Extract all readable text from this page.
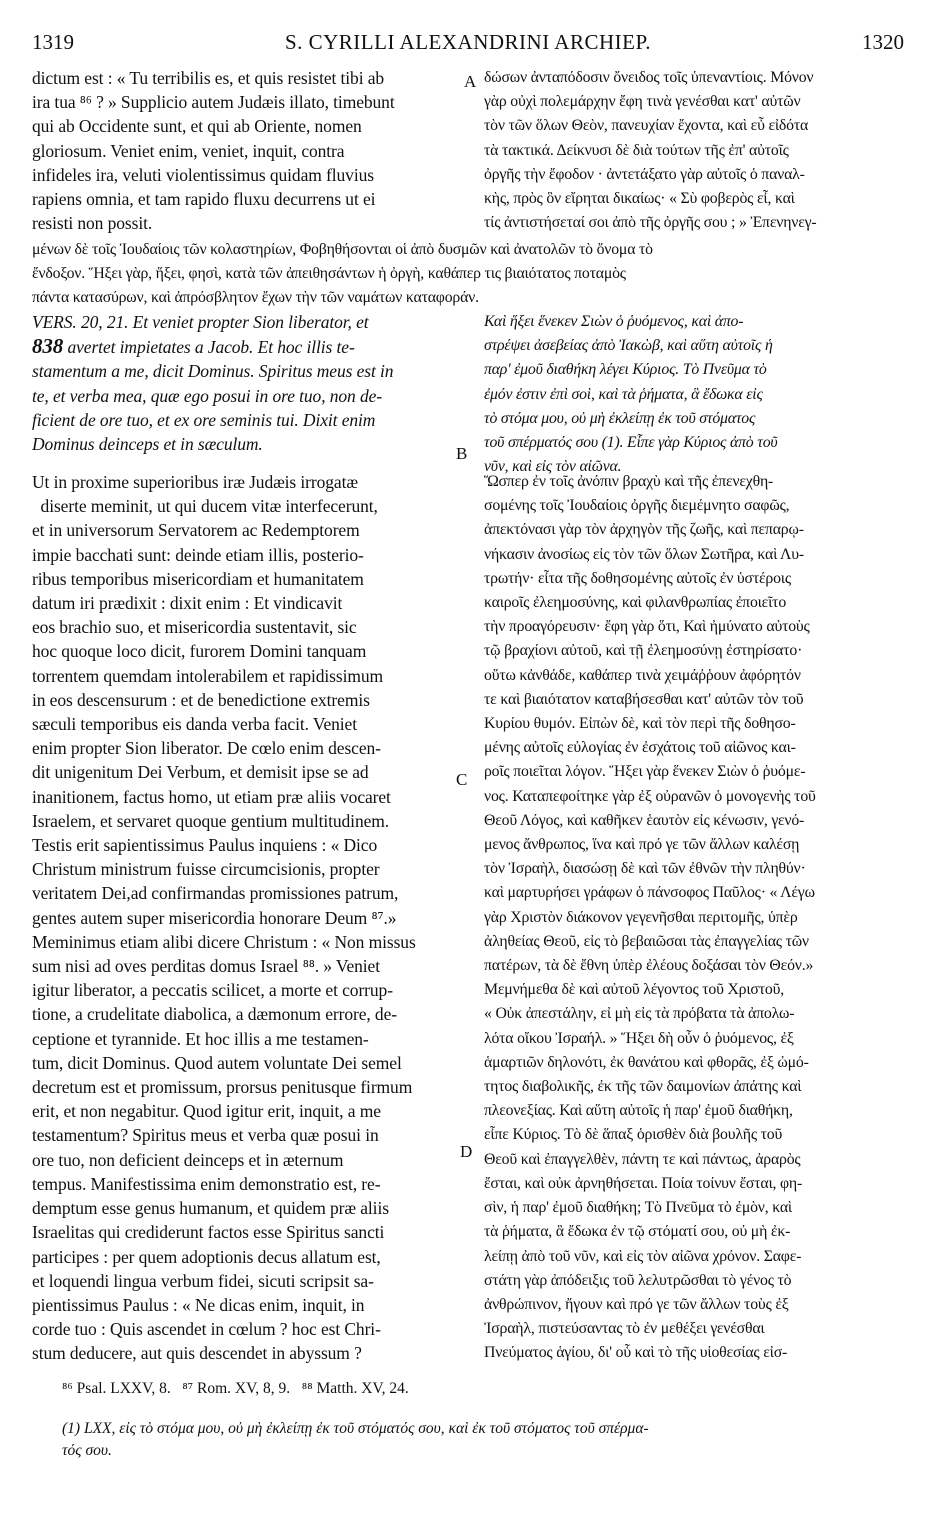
1319	S. CYRILLI ALEXANDRINI ARCHIEP.	1320
dictum est : « Tu terribilis es, et quis resistet tibi ab
ira tua ⁸⁶ ? » Supplicio autem Judæis illato, timebunt
qui ab Occidente sunt, et qui ab Oriente, nomen
gloriosum. Veniet enim, veniet, inquit, contra
infideles ira, veluti violentissimus quidam fluvius
rapiens omnia, et tam rapido fluxu decurrens ut ei
resisti non possit.
A δώσων ἀνταπόδοσιν ὄνειδος τοῖς ὑπεναντίοις. Μόνον
γὰρ οὐχὶ πολεμάρχην ἔφη τινὰ γενέσθαι κατ' αὐτῶν
τὸν τῶν ὅλων Θεὸν, πανευχίαν ἔχοντα, καὶ εὖ εἰδότα
τὰ τακτικά. Δείκνυσι δὲ διὰ τούτων τῆς ἐπ' αὐτοῖς
ὀργῆς τὴν ἔφοδον · ἀντετάξατο γὰρ αὐτοῖς ὁ παναλ-
κὴς, πρὸς ὃν εἴρηται δικαίως· « Σὺ φοβερὸς εἶ, καὶ
τίς ἀντιστήσεταί σοι ἀπὸ τῆς ὀργῆς σου ; » Ἐπενηνεγ-
μένων δὲ τοῖς Ἰουδαίοις τῶν κολαστηρίων, Φοβηθήσονται οἱ ἀπὸ δυσμῶν καὶ ἀνατολῶν τὸ ὄνομα τὸ
ἔνδοξον. Ἥξει γὰρ, ἥξει, φησὶ, κατὰ τῶν ἀπειθησάντων ἡ ὀργὴ, καθάπερ τις βιαιότατος ποταμὸς
πάντα κατασύρων, καὶ ἀπρόσβλητον ἔχων τὴν τῶν ναμάτων καταφοράν.
VERS. 20, 21. Et veniet propter Sion liberator, et
838 avertet impietates a Jacob. Et hoc illis te-
stamentum a me, dicit Dominus. Spiritus meus est in
te, et verba mea, quæ ego posui in ore tuo, non de-
ficient de ore tuo, et ex ore seminis tui. Dixit enim
Dominus deinceps et in sæculum.	B
Καὶ ἥξει ἕνεκεν Σιὼν ὁ ῥυόμενος, καὶ ἀπο-
στρέψει ἀσεβείας ἀπὸ Ἰακὼβ, καὶ αὕτη αὐτοῖς ἡ
παρ' ἐμοῦ διαθήκη λέγει Κύριος. Τὸ Πνεῦμα τὸ
ἐμόν ἐστιν ἐπὶ σοὶ, καὶ τὰ ῥήματα, ἃ ἔδωκα εἰς
τὸ στόμα μου, οὐ μὴ ἐκλείπῃ ἐκ τοῦ στόματος
τοῦ σπέρματός σου (1). Εἶπε γὰρ Κύριος ἀπὸ τοῦ
νῦν, καὶ εἰς τὸν αἰῶνα.
Ut in proxime superioribus iræ Judæis irrogatæ
diserte meminit, ut qui ducem vitæ interfecerunt,
et in universorum Servatorem ac Redemptorem
impie bacchati sunt: deinde etiam illis, posterio-
ribus temporibus misericordiam et humanitatem
datum iri prædixit : dixit enim : Et vindicavit
eos brachio suo, et misericordia sustentavit, sic
hoc quoque loco dicit, furorem Domini tanquam
torrentem quemdam intolerabilem et rapidissimum
in eos descensurum : et de benedictione extremis
sæculi temporibus eis danda verba facit. Veniet
enim propter Sion liberator. De cœlo enim descen-
dit unigenitum Dei Verbum, et demisit ipse se ad
inanitionem, factus homo, ut etiam præ aliis vocaret
Israelem, et servaret quoque gentium multitudinem.
Testis erit sapientissimus Paulus inquiens : « Dico
Christum ministrum fuisse circumcisionis, propter
veritatem Dei,ad confirmandas promissiones patrum,
gentes autem super misericordia honorare Deum ⁸⁷.»
Meminimus etiam alibi dicere Christum : « Non missus
sum nisi ad oves perditas domus Israel ⁸⁸. » Veniet
igitur liberator, a peccatis scilicet, a morte et corrup-
tione, a crudelitate diabolica, a dæmonum errore, de-
ceptione et tyrannide. Et hoc illis a me testamen-
tum, dicit Dominus. Quod autem voluntate Dei semel
decretum est et promissum, prorsus penitusque firmum
erit, et non negabitur. Quod igitur erit, inquit, a me
testamentum? Spiritus meus et verba quæ posui in
ore tuo, non deficient deinceps et in æternum
tempus. Manifestissima enim demonstratio est, re-
demptum esse genus humanum, et quidem præ aliis
Israelitas qui crediderunt factos esse Spiritus sancti
participes : per quem adoptionis decus allatum est,
et loquendi lingua verbum fidei, sicuti scripsit sa-
pientissimus Paulus : « Ne dicas enim, inquit, in
corde tuo : Quis ascendet in cœlum ? hoc est Chri-
stum deducere, aut quis descendet in abyssum ?
C
D
Ὥσπερ ἐν τοῖς ἀνόπιν βραχὺ καὶ τῆς ἐπενεχθη-
σομένης τοῖς Ἰουδαίοις ὀργῆς διεμέμνητο σαφῶς,
ἀπεκτόνασι γὰρ τὸν ἀρχηγὸν τῆς ζωῆς, καὶ πεπαρῳ-
νήκασιν ἀνοσίως εἰς τὸν τῶν ὅλων Σωτῆρα, καὶ Λυ-
τρωτήν· εἶτα τῆς δοθησομένης αὐτοῖς ἐν ὑστέροις
καιροῖς ἐλεημοσύνης, καὶ φιλανθρωπίας ἐποιεῖτο
τὴν προαγόρευσιν· ἔφη γὰρ ὅτι, Καὶ ἠμύνατο αὐτοὺς
τῷ βραχίονι αὐτοῦ, καὶ τῇ ἐλεημοσύνῃ ἐστηρίσατο·
οὕτω κἀνθάδε, καθάπερ τινὰ χειμάῤῥουν ἀφόρητόν
τε καὶ βιαιότατον καταβήσεσθαι κατ' αὐτῶν τὸν τοῦ
Κυρίου θυμόν. Εἰπὼν δὲ, καὶ τὸν περὶ τῆς δοθησο-
μένης αὐτοῖς εὐλογίας ἐν ἐσχάτοις τοῦ αἰῶνος και-
ροῖς ποιεῖται λόγον. Ἥξει γὰρ ἕνεκεν Σιὼν ὁ ῥυόμε-
νος. Καταπεφοίτηκε γὰρ ἐξ οὐρανῶν ὁ μονογενὴς τοῦ
Θεοῦ Λόγος, καὶ καθῆκεν ἑαυτὸν εἰς κένωσιν, γενό-
μενος ἄνθρωπος, ἵνα καὶ πρό γε τῶν ἄλλων καλέσῃ
τὸν Ἰσραὴλ, διασώσῃ δὲ καὶ τῶν ἐθνῶν τὴν πληθύν·
καὶ μαρτυρήσει γράφων ὁ πάνσοφος Παῦλος· « Λέγω
γὰρ Χριστὸν διάκονον γεγενῆσθαι περιτομῆς, ὑπὲρ
ἀληθείας Θεοῦ, εἰς τὸ βεβαιῶσαι τὰς ἐπαγγελίας τῶν
πατέρων, τὰ δὲ ἔθνη ὑπὲρ ἐλέους δοξάσαι τὸν Θεόν.»
Μεμνήμεθα δὲ καὶ αὐτοῦ λέγοντος τοῦ Χριστοῦ,
« Οὐκ ἀπεστάλην, εἰ μὴ εἰς τὰ πρόβατα τὰ ἀπολω-
λότα οἴκου Ἰσραήλ. » Ἥξει δὴ οὖν ὁ ῥυόμενος, ἐξ
ἁμαρτιῶν δηλονότι, ἐκ θανάτου καὶ φθορᾶς, ἐξ ὠμό-
τητος διαβολικῆς, ἐκ τῆς τῶν δαιμονίων ἀπάτης καὶ
πλεονεξίας. Καὶ αὕτη αὐτοῖς ἡ παρ' ἐμοῦ διαθήκη,
εἶπε Κύριος. Τὸ δὲ ἅπαξ ὁρισθὲν διὰ βουλῆς τοῦ
Θεοῦ καὶ ἐπαγγελθὲν, πάντη τε καὶ πάντως, ἀραρὸς
ἔσται, καὶ οὐκ ἀρνηθήσεται. Ποία τοίνυν ἔσται, φη-
σὶν, ἡ παρ' ἐμοῦ διαθήκη; Τὸ Πνεῦμα τὸ ἐμὸν, καὶ
τὰ ῥήματα, ἃ ἔδωκα ἐν τῷ στόματί σου, οὐ μὴ ἐκ-
λείπῃ ἀπὸ τοῦ νῦν, καὶ εἰς τὸν αἰῶνα χρόνον. Σαφε-
στάτη γὰρ ἀπόδειξις τοῦ λελυτρῶσθαι τὸ γένος τὸ
ἀνθρώπινον, ἤγουν καὶ πρό γε τῶν ἄλλων τοὺς ἐξ
Ἰσραὴλ, πιστεύσαντας τὸ ἐν μεθέξει γενέσθαι
Πνεύματος ἁγίου, δι' οὗ καὶ τὸ τῆς υἱοθεσίας εἰσ-
⁸⁶ Psal. LXXV, 8.   ⁸⁷ Rom. XV, 8, 9.   ⁸⁸ Matth. XV, 24.
(1) LXX, εἰς τὸ στόμα μου, οὐ μὴ ἐκλείπῃ ἐκ τοῦ στόματός σου, καὶ ἐκ τοῦ στόματος τοῦ σπέρμα-
τός σου.
